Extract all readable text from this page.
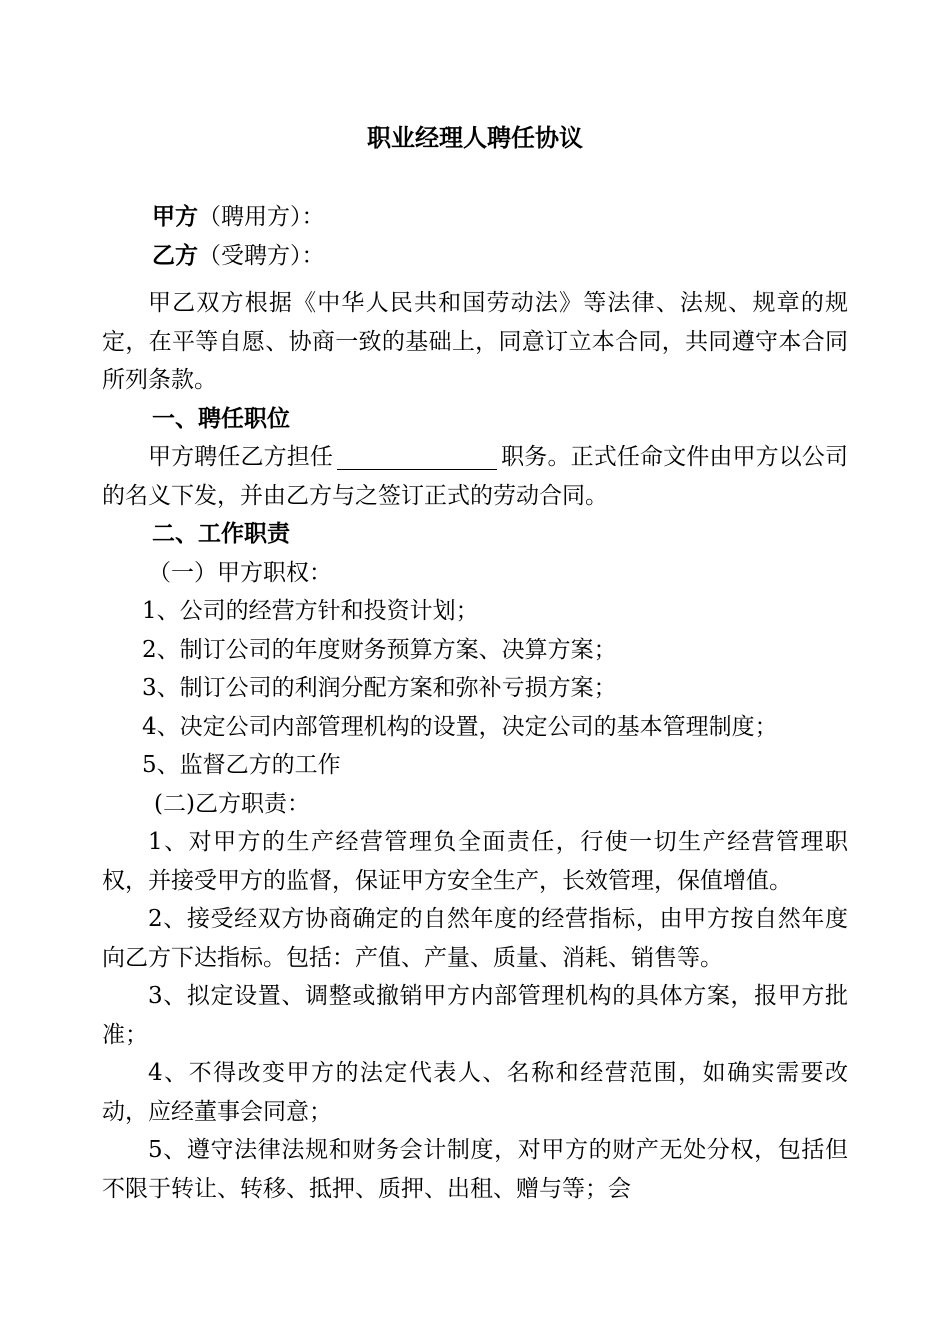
职业经理人聘任协议
甲方（聘用方）：
乙方（受聘方）：

甲乙双方根据《中华人民共和国劳动法》等法律、法规、规章的规定，在平等自愿、协商一致的基础上，同意订立本合同，共同遵守本合同所列条款。

一、聘任职位

甲方聘任乙方担任	职务。正式任命文件由甲方以公司的名义下发，并由乙方与之签订正式的劳动合同。

二、工作职责

（一）甲方职权：

1、公司的经营方针和投资计划；

2、制订公司的年度财务预算方案、决算方案；

3、制订公司的利润分配方案和弥补亏损方案；

4、决定公司内部管理机构的设置，决定公司的基本管理制度；

5、监督乙方的工作

(二)乙方职责：

1、对甲方的生产经营管理负全面责任，行使一切生产经营管理职权，并接受甲方的监督，保证甲方安全生产，长效管理，保值增值。

2、接受经双方协商确定的自然年度的经营指标，由甲方按自然年度向乙方下达指标。包括：产值、产量、质量、消耗、销售等。

3、拟定设置、调整或撤销甲方内部管理机构的具体方案，报甲方批准；

4、不得改变甲方的法定代表人、名称和经营范围，如确实需要改动，应经董事会同意；

5、遵守法律法规和财务会计制度，对甲方的财产无处分权，包括但不限于转让、转移、抵押、质押、出租、赠与等；会
